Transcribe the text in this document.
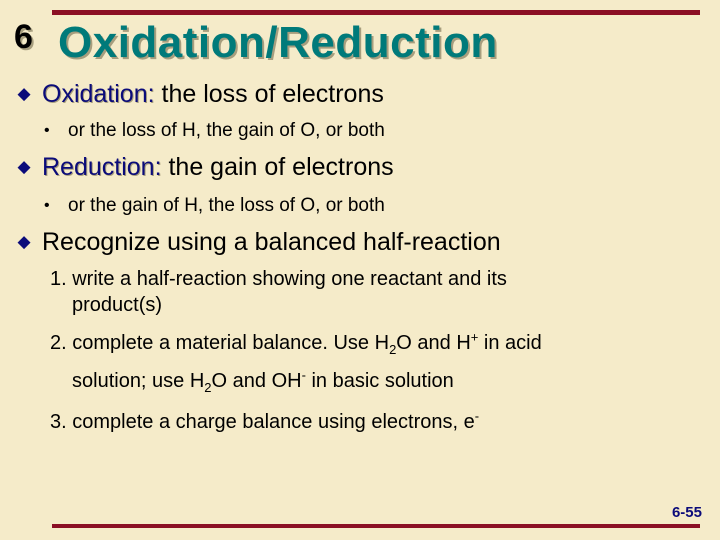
6 Oxidation/Reduction
◆ Oxidation: the loss of electrons
• or the loss of H, the gain of O, or both
◆ Reduction: the gain of electrons
• or the gain of H, the loss of O, or both
◆ Recognize using a balanced half-reaction

1. write a half-reaction showing one reactant and its
product(s)

2. complete a material balance. Use $H_2O$ and H+ in acid
solution; use $H_2O$ and OH- in basic solution

3. complete a charge balance using electrons, e-

6-55
